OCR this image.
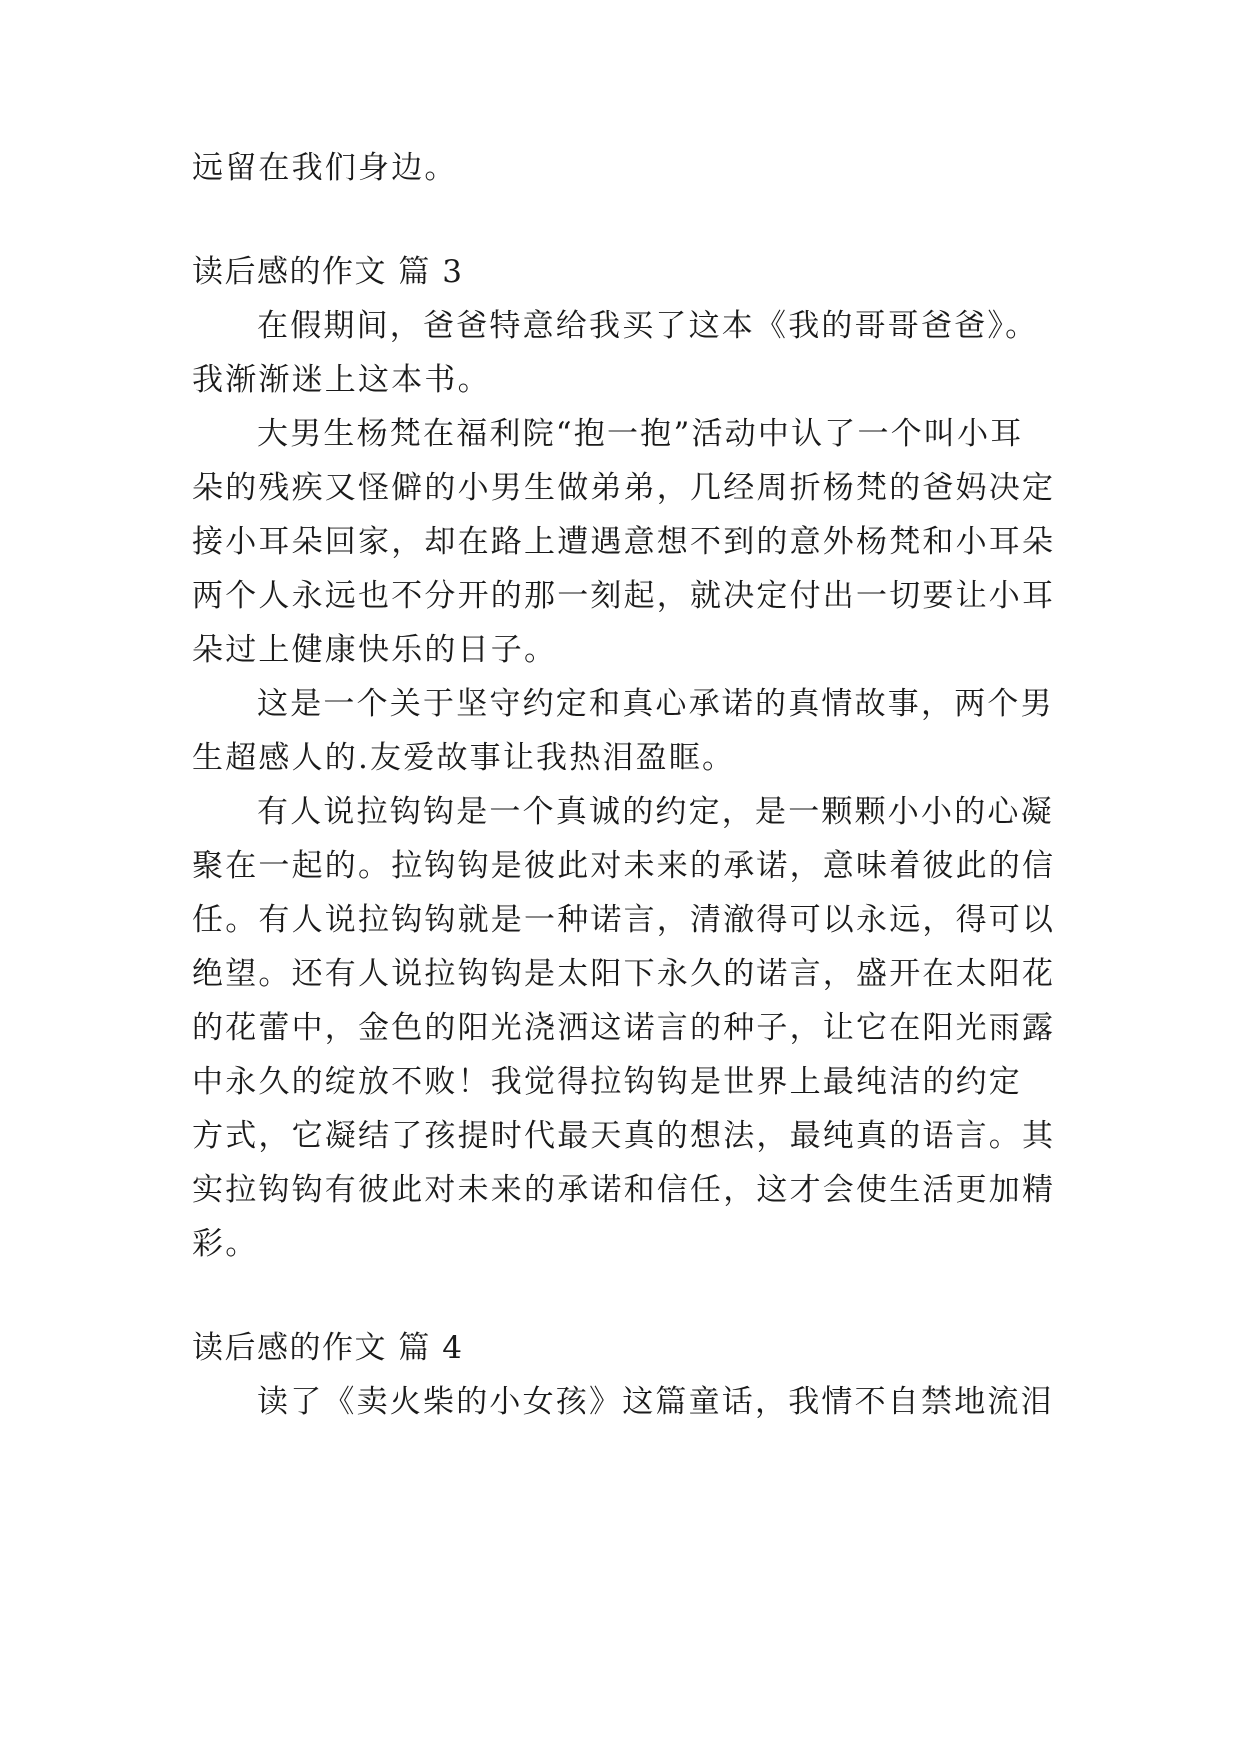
远留在我们身边。
读后感的作文 篇 3
在假期间，爸爸特意给我买了这本《我的哥哥爸爸》。
我渐渐迷上这本书。
大男生杨梵在福利院“抱一抱”活动中认了一个叫小耳
朵的残疾又怪僻的小男生做弟弟，几经周折杨梵的爸妈决定
接小耳朵回家，却在路上遭遇意想不到的意外杨梵和小耳朵
两个人永远也不分开的那一刻起，就决定付出一切要让小耳
朵过上健康快乐的日子。
这是一个关于坚守约定和真心承诺的真情故事，两个男
生超感人的.友爱故事让我热泪盈眶。
有人说拉钩钩是一个真诚的约定，是一颗颗小小的心凝
聚在一起的。拉钩钩是彼此对未来的承诺，意味着彼此的信
任。有人说拉钩钩就是一种诺言，清澈得可以永远，得可以
绝望。还有人说拉钩钩是太阳下永久的诺言，盛开在太阳花
的花蕾中，金色的阳光浇洒这诺言的种子，让它在阳光雨露
中永久的绽放不败！我觉得拉钩钩是世界上最纯洁的约定
方式，它凝结了孩提时代最天真的想法，最纯真的语言。其
实拉钩钩有彼此对未来的承诺和信任，这才会使生活更加精
彩。
读后感的作文 篇 4
读了《卖火柴的小女孩》这篇童话，我情不自禁地流泪
